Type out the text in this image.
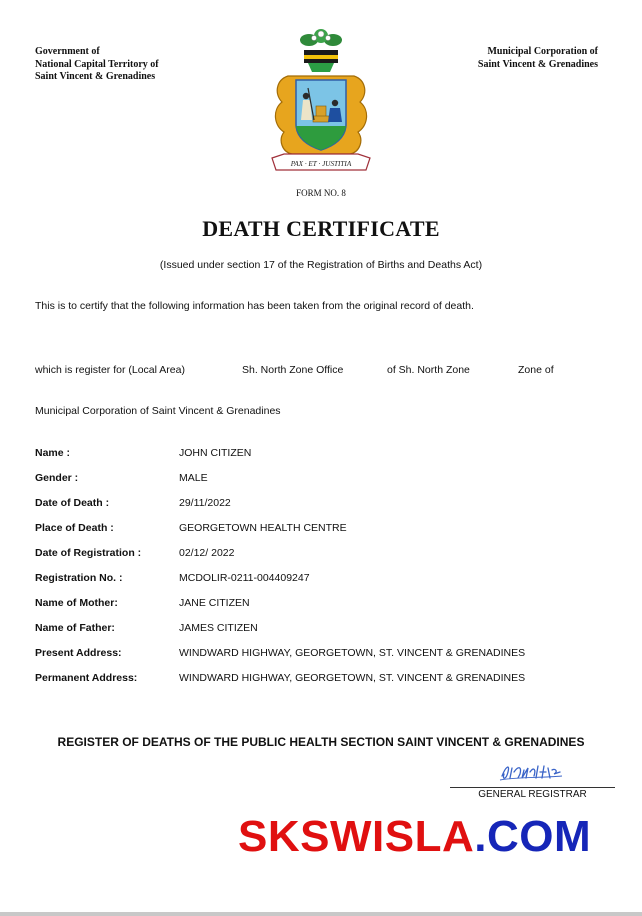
Government of
National Capital Territory of
Saint Vincent & Grenadines
Municipal Corporation of
Saint Vincent & Grenadines
PAX · ET · JUSTITIA
FORM NO. 8
DEATH CERTIFICATE
(Issued under section 17 of the Registration of Births and Deaths Act)
This is to certify that the following information has been taken from the original record of death.
which is register for (Local Area)	Sh. North Zone Office	of Sh. North Zone	Zone of
Municipal Corporation of Saint Vincent & Grenadines
Name :	JOHN CITIZEN
Gender :	MALE
Date of Death :	29/11/2022
Place of Death :	GEORGETOWN HEALTH CENTRE
Date of Registration :	02/12/ 2022
Registration No. :	MCDOLIR-0211-004409247
Name of Mother:	JANE CITIZEN
Name of Father:	JAMES CITIZEN
Present Address:	WINDWARD HIGHWAY, GEORGETOWN, ST. VINCENT & GRENADINES
Permanent Address:	WINDWARD HIGHWAY, GEORGETOWN, ST. VINCENT & GRENADINES
REGISTER OF DEATHS OF THE PUBLIC HEALTH SECTION SAINT VINCENT & GRENADINES
GENERAL REGISTRAR
SKSWISLA.COM
